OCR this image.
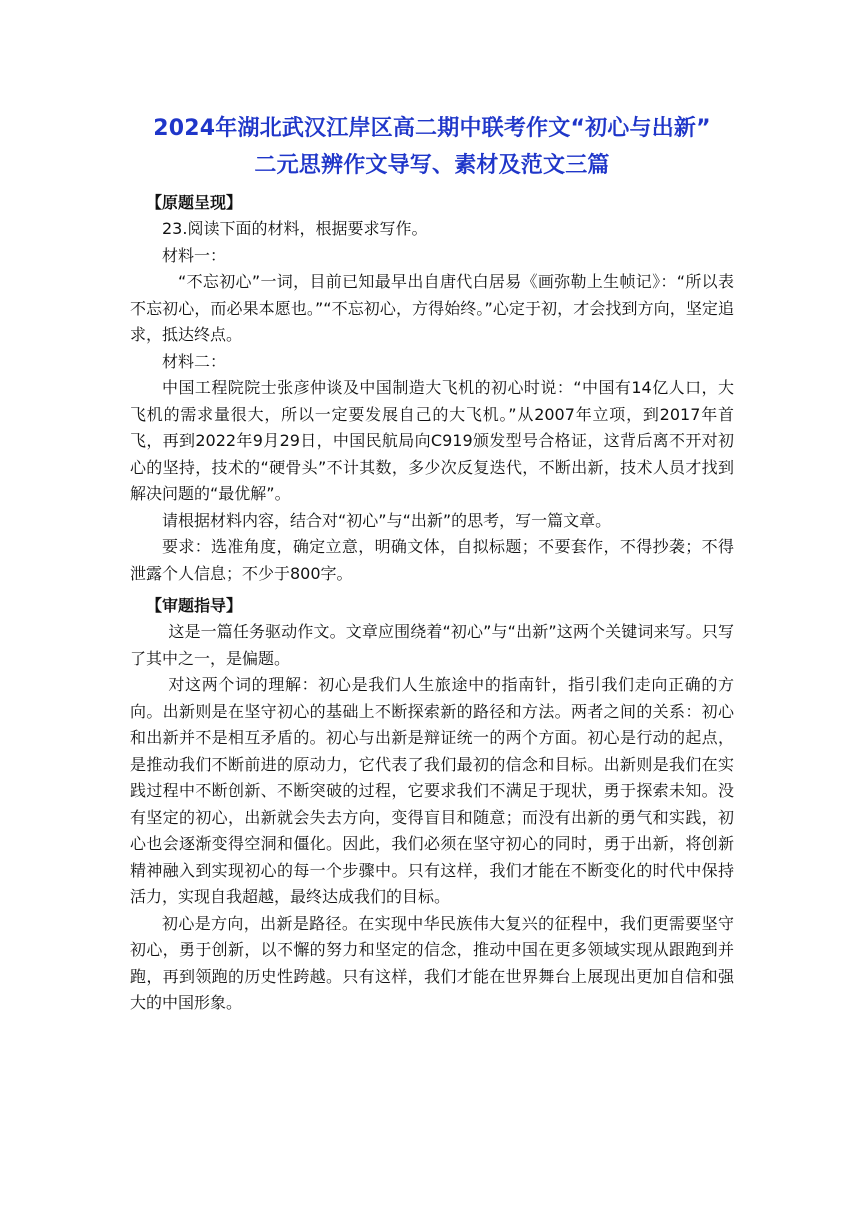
2024年湖北武汉江岸区高二期中联考作文“初心与出新”
二元思辨作文导写、素材及范文三篇
【原题呈现】

23.阅读下面的材料，根据要求写作。

材料一：

“不忘初心”一词，目前已知最早出自唐代白居易《画弥勒上生帧记》：“所以表不忘初心，而必果本愿也。”“不忘初心，方得始终。”心定于初，才会找到方向，坚定追求，抵达终点。

材料二：

中国工程院院士张彦仲谈及中国制造大飞机的初心时说：“中国有14亿人口，大飞机的需求量很大，所以一定要发展自己的大飞机。”从2007年立项，到2017年首飞，再到2022年9月29日，中国民航局向C919颁发型号合格证，这背后离不开对初心的坚持，技术的“硬骨头”不计其数，多少次反复迭代，不断出新，技术人员才找到解决问题的“最优解”。

请根据材料内容，结合对“初心”与“出新”的思考，写一篇文章。

要求：选准角度，确定立意，明确文体，自拟标题；不要套作，不得抄袭；不得泄露个人信息；不少于800字。

【审题指导】

这是一篇任务驱动作文。文章应围绕着“初心”与“出新”这两个关键词来写。只写了其中之一，是偏题。

对这两个词的理解：初心是我们人生旅途中的指南针，指引我们走向正确的方向。出新则是在坚守初心的基础上不断探索新的路径和方法。两者之间的关系：初心和出新并不是相互矛盾的。初心与出新是辩证统一的两个方面。初心是行动的起点，是推动我们不断前进的原动力，它代表了我们最初的信念和目标。出新则是我们在实践过程中不断创新、不断突破的过程，它要求我们不满足于现状，勇于探索未知。没有坚定的初心，出新就会失去方向，变得盲目和随意；而没有出新的勇气和实践，初心也会逐渐变得空洞和僵化。因此，我们必须在坚守初心的同时，勇于出新，将创新精神融入到实现初心的每一个步骤中。只有这样，我们才能在不断变化的时代中保持活力，实现自我超越，最终达成我们的目标。

初心是方向，出新是路径。在实现中华民族伟大复兴的征程中，我们更需要坚守初心，勇于创新，以不懈的努力和坚定的信念，推动中国在更多领域实现从跟跑到并跑，再到领跑的历史性跨越。只有这样，我们才能在世界舞台上展现出更加自信和强大的中国形象。
